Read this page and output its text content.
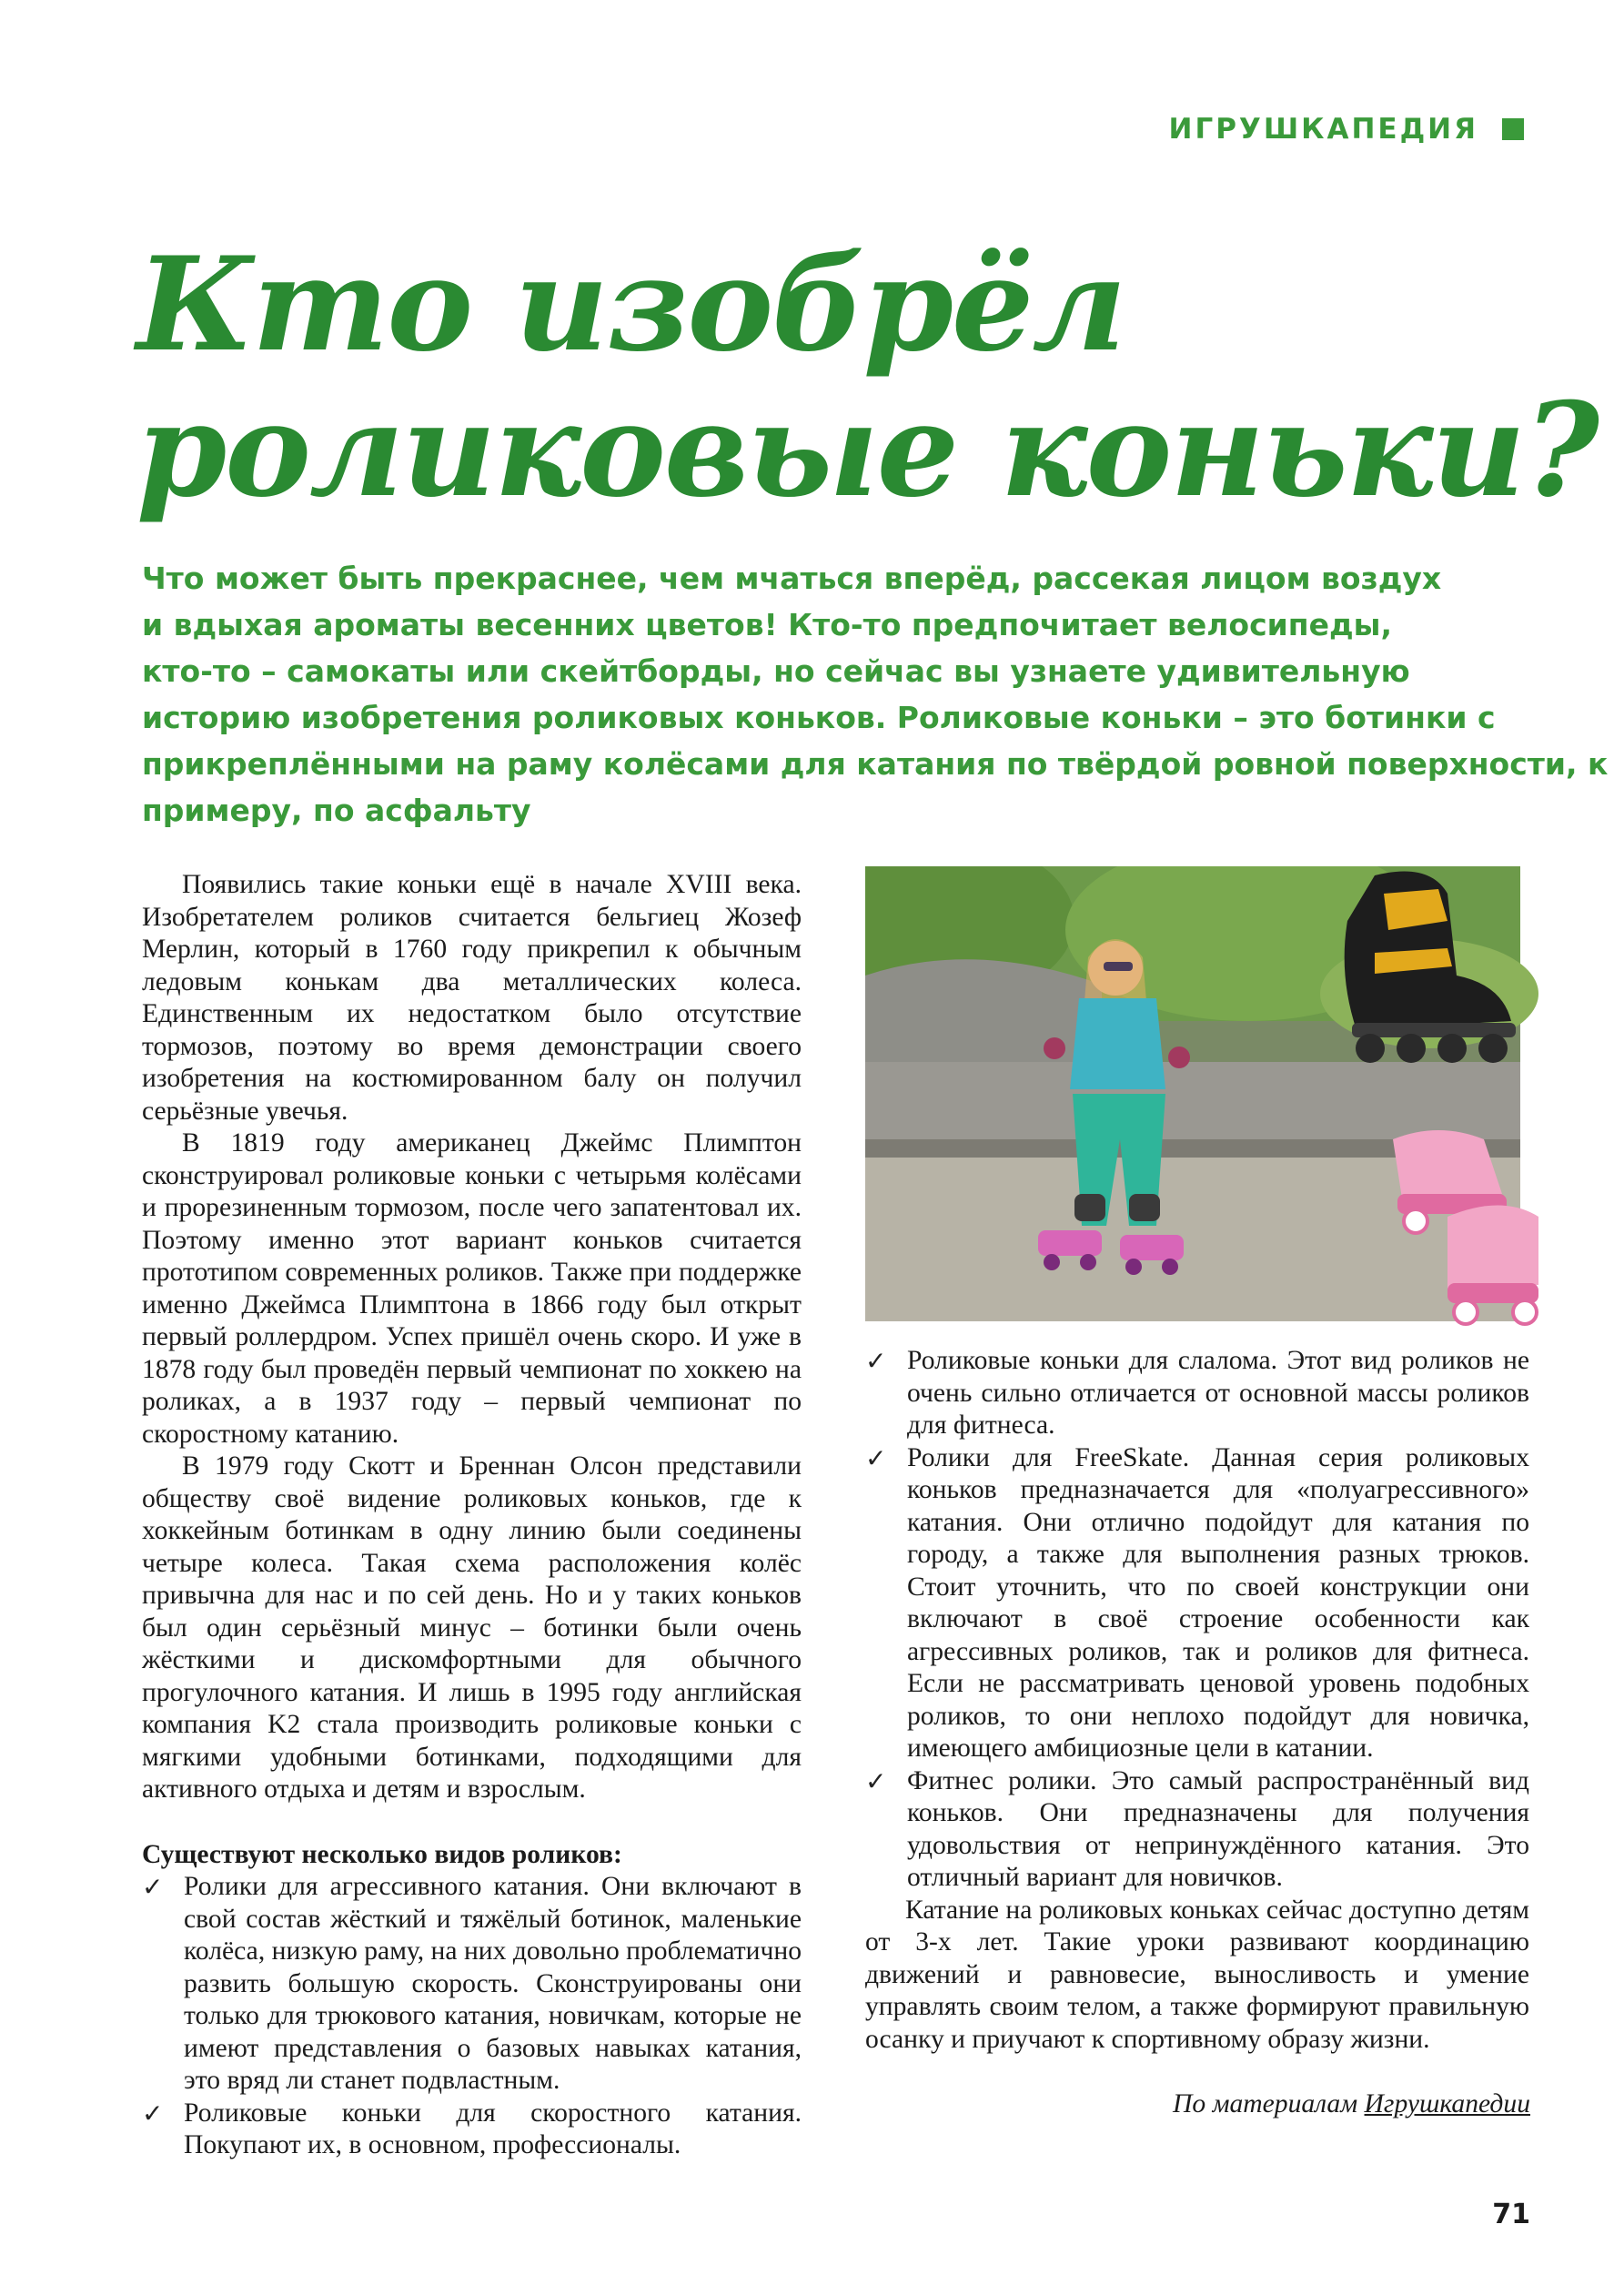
ИГРУШКАПЕДИЯ
Кто изобрёл
роликовые коньки?
Что может быть прекраснее, чем мчаться вперёд, рассекая лицом воздух
и вдыхая ароматы весенних цветов! Кто-то предпочитает велосипеды,
кто-то – самокаты или скейтборды, но сейчас вы узнаете удивительную
историю изобретения роликовых коньков. Роликовые коньки – это ботинки с
прикреплёнными на раму колёсами для катания по твёрдой ровной поверхности, к
примеру, по асфальту

Появились такие коньки ещё в начале XVIII века. Изобретателем роликов считается бельгиец Жозеф Мерлин, который в 1760 году прикрепил к обычным ледовым конькам два металлических колеса. Единственным их недостатком было отсутствие тормозов, поэтому во время демонстрации своего изобретения на костюмированном балу он получил серьёзные увечья.

В 1819 году американец Джеймс Плимптон сконструировал роликовые коньки с четырьмя колёсами и прорезиненным тормозом, после чего запатентовал их. Поэтому именно этот вариант коньков считается прототипом современных роликов. Также при поддержке именно Джеймса Плимптона в 1866 году был открыт первый роллердром. Успех пришёл очень скоро. И уже в 1878 году был проведён первый чемпионат по хоккею на роликах, а в 1937 году – первый чемпионат по скоростному катанию.

В 1979 году Скотт и Бреннан Олсон представили обществу своё видение роликовых коньков, где к хоккейным ботинкам в одну линию были соединены четыре колеса. Такая схема расположения колёс привычна для нас и по сей день. Но и у таких коньков был один серьёзный минус – ботинки были очень жёсткими и дискомфортными для обычного прогулочного катания. И лишь в 1995 году английская компания K2 стала производить роликовые коньки с мягкими удобными ботинками, подходящими для активного отдыха и детям и взрослым.

Существуют несколько видов роликов:

✓ Ролики для агрессивного катания. Они включают в свой состав жёсткий и тяжёлый ботинок, маленькие колёса, низкую раму, на них довольно проблематично развить большую скорость. Сконструированы они только для трюкового катания, новичкам, которые не имеют представления о базовых навыках катания, это вряд ли станет подвластным.
✓ Роликовые коньки для скоростного катания. Покупают их, в основном, профессионалы.
✓ Роликовые коньки для слалома. Этот вид роликов не очень сильно отличается от основной массы роликов для фитнеса.
✓ Ролики для FreeSkate. Данная серия роликовых коньков предназначается для «полуагрессивного» катания. Они отлично подойдут для катания по городу, а также для выполнения разных трюков. Стоит уточнить, что по своей конструкции они включают в своё строение особенности как агрессивных роликов, так и роликов для фитнеса. Если не рассматривать ценовой уровень подобных роликов, то они неплохо подойдут для новичка, имеющего амбициозные цели в катании.
✓ Фитнес ролики. Это самый распространённый вид коньков. Они предназначены для получения удовольствия от непринуждённого катания. Это отличный вариант для новичков.

Катание на роликовых коньках сейчас доступно детям от 3-х лет. Такие уроки развивают координацию движений и равновесие, выносливость и умение управлять своим телом, а также формируют правильную осанку и приучают к спортивному образу жизни.

По материалам Игрушкапедии
71
